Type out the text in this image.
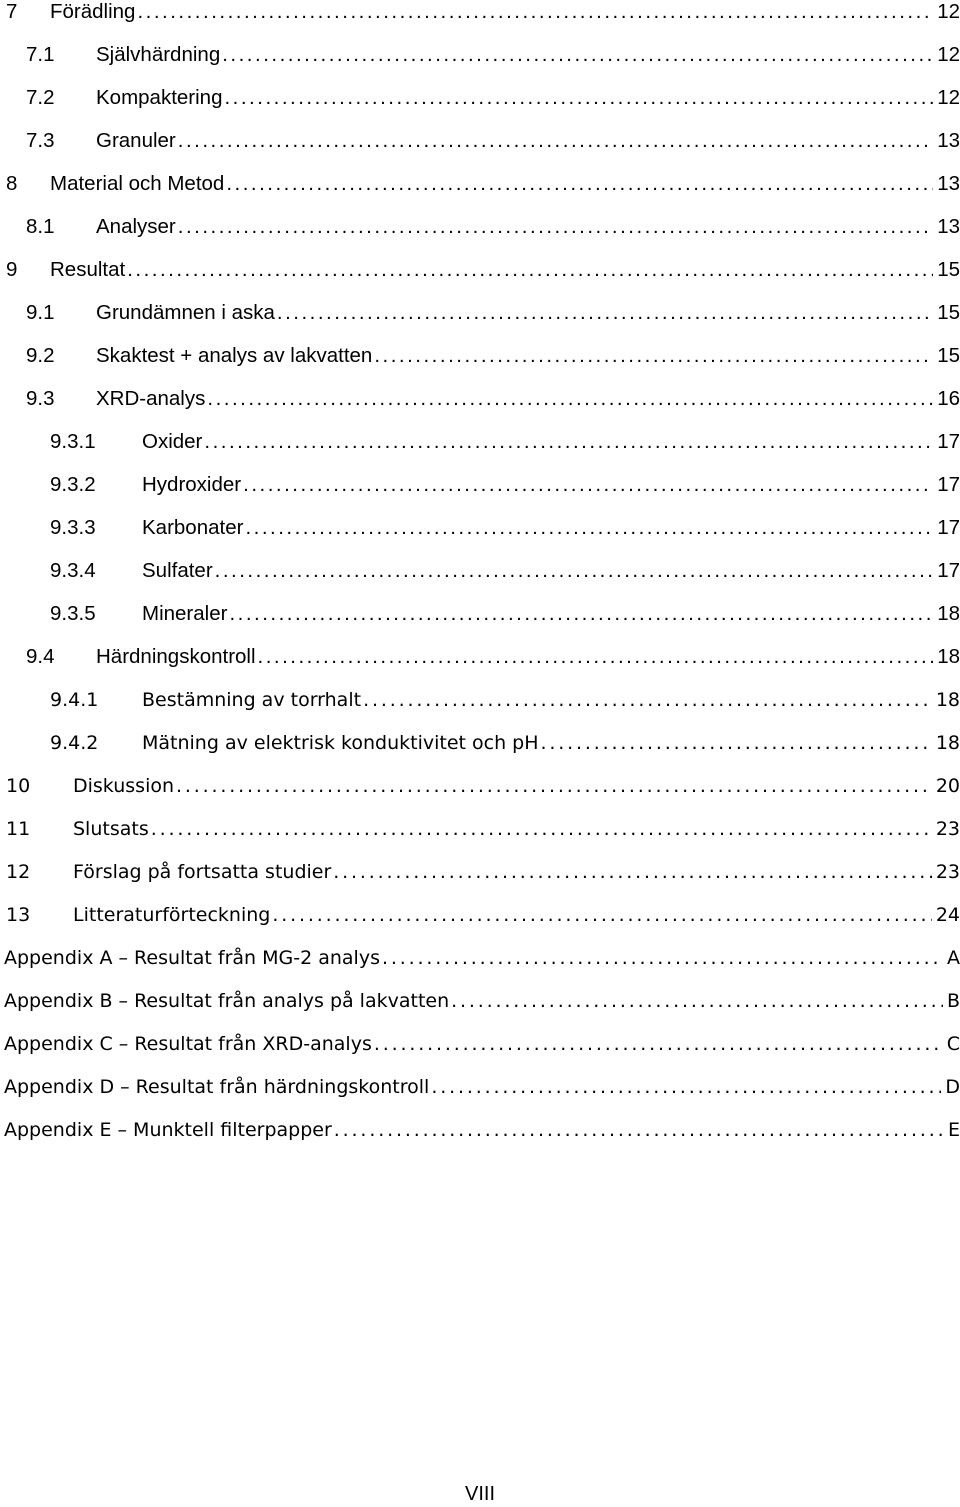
7 Förädling . . .	12
7.1 Självhärdning . . .	12
7.2 Kompaktering . . .	12
7.3 Granuler . . .	13
8 Material och Metod . . .	13
8.1 Analyser . . .	13
9 Resultat . . .	15
9.1 Grundämnen i aska . . .	15
9.2 Skaktest + analys av lakvatten . . .	15
9.3 XRD-analys . . .	16
9.3.1 Oxider . . .	17
9.3.2 Hydroxider . . .	17
9.3.3 Karbonater . . .	17
9.3.4 Sulfater . . .	17
9.3.5 Mineraler . . .	18
9.4 Härdningskontroll . . .	18
9.4.1 Bestämning av torrhalt . . .	18
9.4.2 Mätning av elektrisk konduktivitet och pH . . .	18
10 Diskussion . . .	20
11 Slutsats . . .	23
12 Förslag på fortsatta studier . . .	23
13 Litteraturförteckning . . .	24
Appendix A – Resultat från MG-2 analys . . .	A
Appendix B – Resultat från analys på lakvatten . . .	B
Appendix C – Resultat från XRD-analys . . .	C
Appendix D – Resultat från härdningskontroll . . .	D
Appendix E – Munktell filterpapper . . .	E
VIII
